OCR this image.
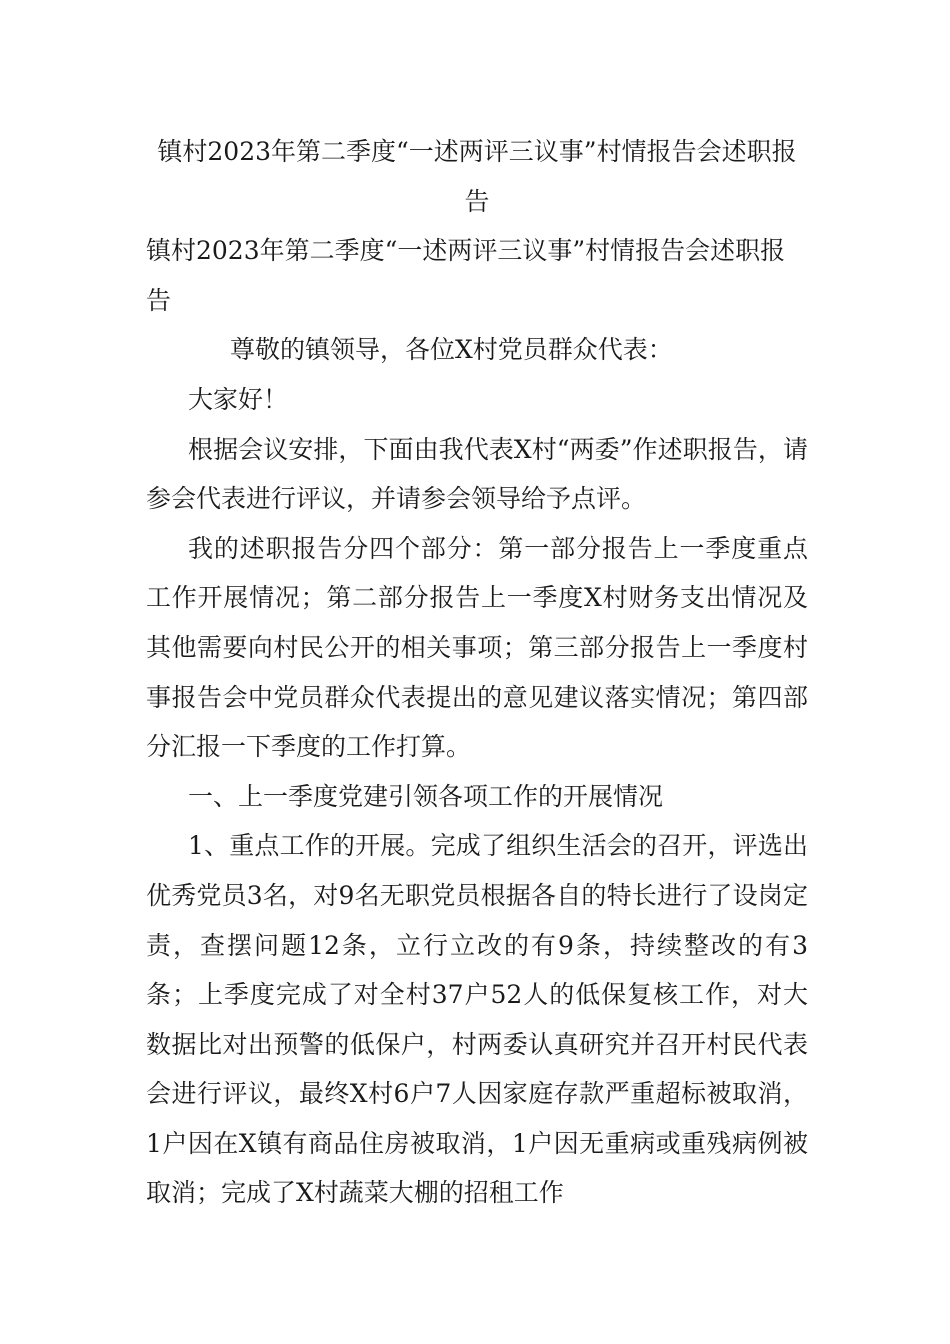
镇村2023年第二季度“一述两评三议事”村情报告会述职报告

镇村2023年第二季度“一述两评三议事”村情报告会述职报告

尊敬的镇领导，各位X村党员群众代表：

大家好！

根据会议安排，下面由我代表X村“两委”作述职报告，请参会代表进行评议，并请参会领导给予点评。

我的述职报告分四个部分：第一部分报告上一季度重点工作开展情况；第二部分报告上一季度X村财务支出情况及其他需要向村民公开的相关事项；第三部分报告上一季度村事报告会中党员群众代表提出的意见建议落实情况；第四部分汇报一下季度的工作打算。

一、上一季度党建引领各项工作的开展情况

1、重点工作的开展。完成了组织生活会的召开，评选出优秀党员3名，对9名无职党员根据各自的特长进行了设岗定责，查摆问题12条，立行立改的有9条，持续整改的有3条；上季度完成了对全村37户52人的低保复核工作，对大数据比对出预警的低保户，村两委认真研究并召开村民代表会进行评议，最终X村6户7人因家庭存款严重超标被取消，1户因在X镇有商品住房被取消，1户因无重病或重残病例被取消；完成了X村蔬菜大棚的招租工作
